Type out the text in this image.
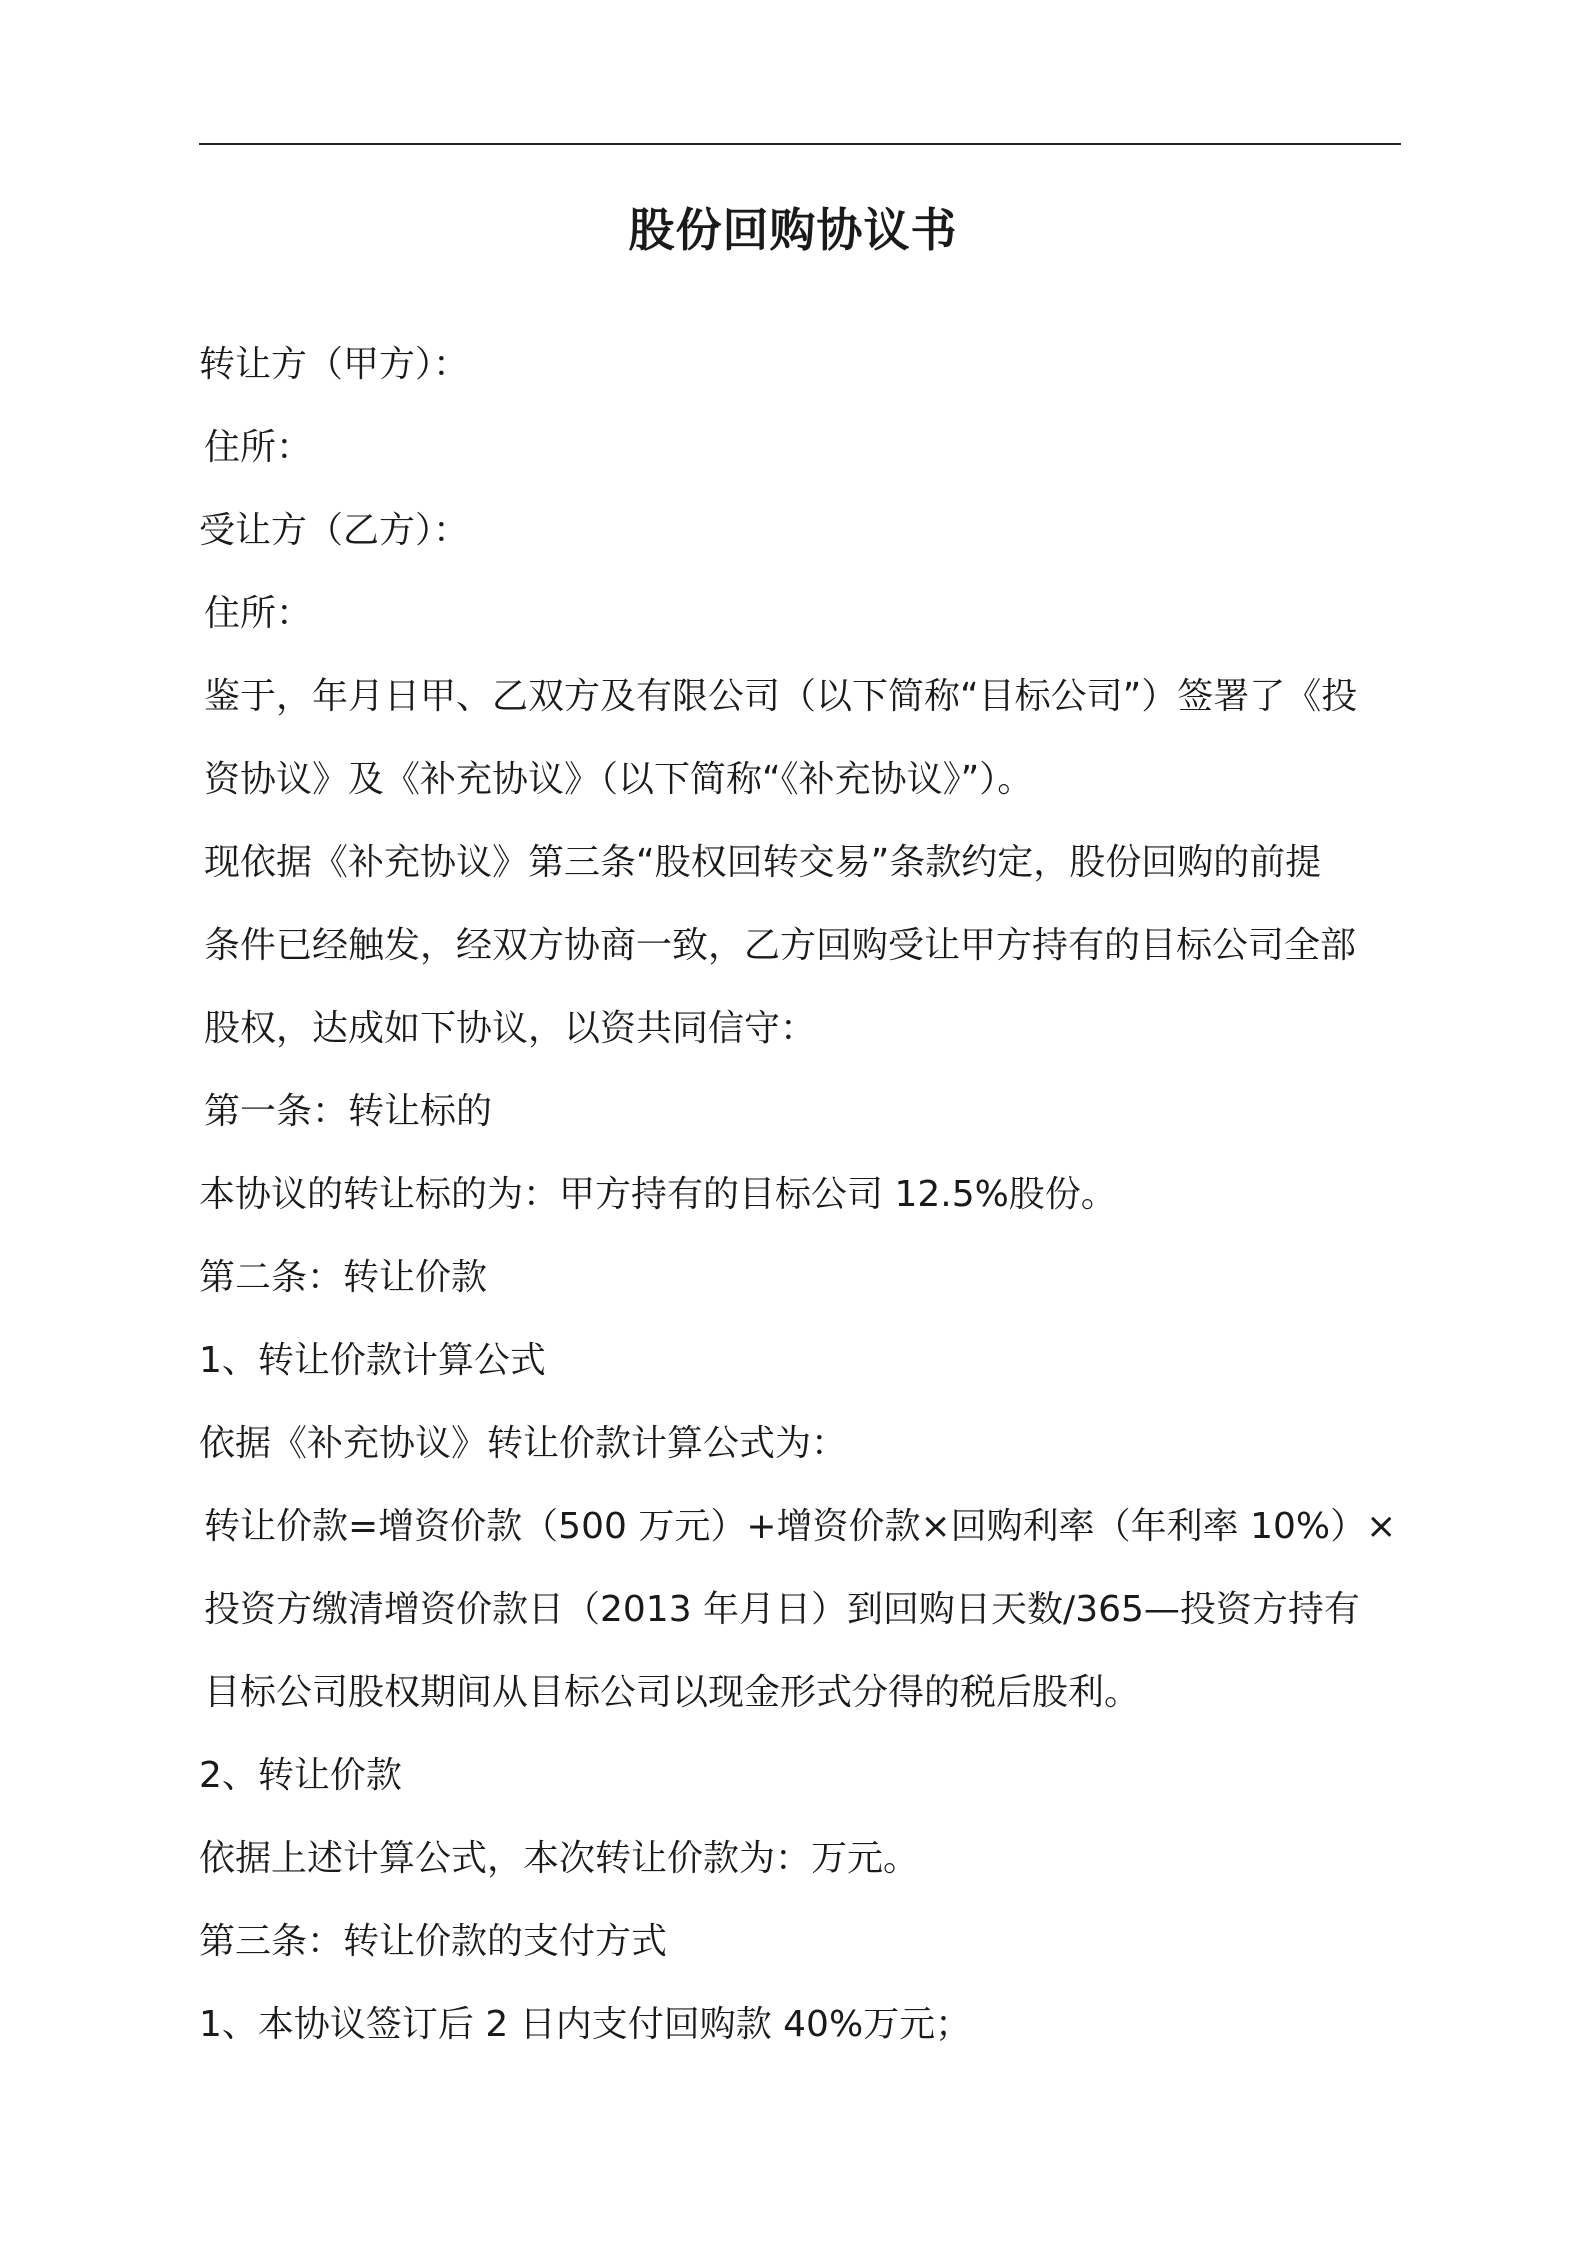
股份回购协议书

转让方（甲方）：

住所：

受让方（乙方）：

住所：

鉴于，年月日甲、乙双方及有限公司（以下简称“目标公司”）签署了《投

资协议》及《补充协议》（以下简称“《补充协议》”）。

现依据《补充协议》第三条“股权回转交易”条款约定，股份回购的前提

条件已经触发，经双方协商一致，乙方回购受让甲方持有的目标公司全部

股权，达成如下协议，以资共同信守：

第一条：转让标的

本协议的转让标的为：甲方持有的目标公司 12.5%股份。

第二条：转让价款

1、转让价款计算公式

依据《补充协议》转让价款计算公式为：

转让价款=增资价款（500 万元）+增资价款×回购利率（年利率 10%）×

投资方缴清增资价款日（2013 年月日）到回购日天数/365—投资方持有

目标公司股权期间从目标公司以现金形式分得的税后股利。

2、转让价款

依据上述计算公式，本次转让价款为：万元。

第三条：转让价款的支付方式

1、本协议签订后 2 日内支付回购款 40%万元；
